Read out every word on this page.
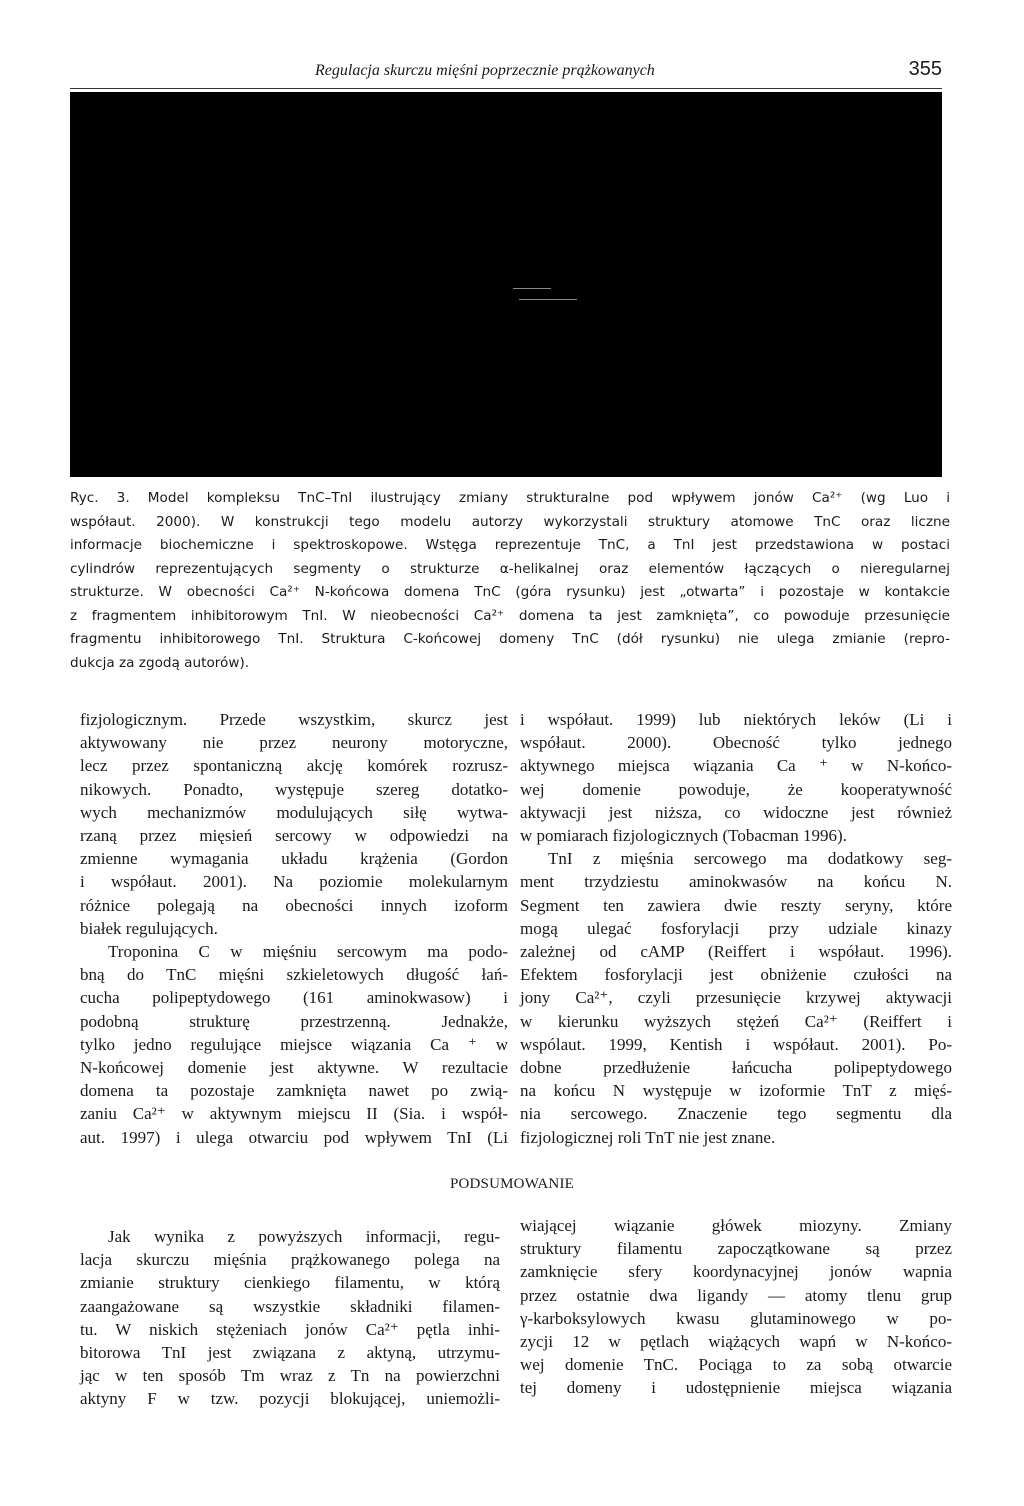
Regulacja skurczu mięśni poprzecznie prążkowanych	355
Ryc. 3. Model kompleksu TnC–TnI ilustrujący zmiany strukturalne pod wpływem jonów Ca²⁺ (wg Luo i
współaut. 2000). W konstrukcji tego modelu autorzy wykorzystali struktury atomowe TnC oraz liczne
informacje biochemiczne i spektroskopowe. Wstęga reprezentuje TnC, a TnI jest przedstawiona w postaci
cylindrów reprezentujących segmenty o strukturze α-helikalnej oraz elementów łączących o nieregularnej
strukturze. W obecności Ca²⁺ N-końcowa domena TnC (góra rysunku) jest „otwarta” i pozostaje w kontakcie
z fragmentem inhibitorowym TnI. W nieobecności Ca²⁺ domena ta jest zamknięta”, co powoduje przesunięcie
fragmentu inhibitorowego TnI. Struktura C-końcowej domeny TnC (dół rysunku) nie ulega zmianie (repro-
dukcja za zgodą autorów).
fizjologicznym. Przede wszystkim, skurcz jest
aktywowany nie przez neurony motoryczne,
lecz przez spontaniczną akcję komórek rozrusz-
nikowych. Ponadto, występuje szereg dotatko-
wych mechanizmów modulujących siłę wytwa-
rzaną przez mięsień sercowy w odpowiedzi na
zmienne wymagania układu krążenia (Gordon
i współaut. 2001). Na poziomie molekularnym
różnice polegają na obecności innych izoform
białek regulujących.
Troponina C w mięśniu sercowym ma podo-
bną do TnC mięśni szkieletowych długość łań-
cucha polipeptydowego (161 aminokwasow) i
podobną strukturę przestrzenną. Jednakże,
tylko jedno regulujące miejsce wiązania Ca ⁺ w
N-końcowej domenie jest aktywne. W rezultacie
domena ta pozostaje zamknięta nawet po zwią-
zaniu Ca²⁺ w aktywnym miejscu II (Sia. i współ-
aut. 1997) i ulega otwarciu pod wpływem TnI (Li
i współaut. 1999) lub niektórych leków (Li i
współaut. 2000). Obecność tylko jednego
aktywnego miejsca wiązania Ca ⁺ w N-końco-
wej domenie powoduje, że kooperatywność
aktywacji jest niższa, co widoczne jest również
w pomiarach fizjologicznych (Tobacman 1996).
TnI z mięśnia sercowego ma dodatkowy seg-
ment trzydziestu aminokwasów na końcu N.
Segment ten zawiera dwie reszty seryny, które
mogą ulegać fosforylacji przy udziale kinazy
zależnej od cAMP (Reiffert i współaut. 1996).
Efektem fosforylacji jest obniżenie czułości na
jony Ca²⁺, czyli przesunięcie krzywej aktywacji
w kierunku wyższych stężeń Ca²⁺ (Reiffert i
wspólaut. 1999, Kentish i współaut. 2001). Po-
dobne przedłużenie łańcucha polipeptydowego
na końcu N występuje w izoformie TnT z mięś-
nia sercowego. Znaczenie tego segmentu dla
fizjologicznej roli TnT nie jest znane.
PODSUMOWANIE
Jak wynika z powyższych informacji, regu-
lacja skurczu mięśnia prążkowanego polega na
zmianie struktury cienkiego filamentu, w którą
zaangażowane są wszystkie składniki filamen-
tu. W niskich stężeniach jonów Ca²⁺ pętla inhi-
bitorowa TnI jest związana z aktyną, utrzymu-
jąc w ten sposób Tm wraz z Tn na powierzchni
aktyny F w tzw. pozycji blokującej, uniemożli-
wiającej wiązanie główek miozyny. Zmiany
struktury filamentu zapoczątkowane są przez
zamknięcie sfery koordynacyjnej jonów wapnia
przez ostatnie dwa ligandy — atomy tlenu grup
γ-karboksylowych kwasu glutaminowego w po-
zycji 12 w pętlach wiążących wapń w N-końco-
wej domenie TnC. Pociąga to za sobą otwarcie
tej domeny i udostępnienie miejsca wiązania
